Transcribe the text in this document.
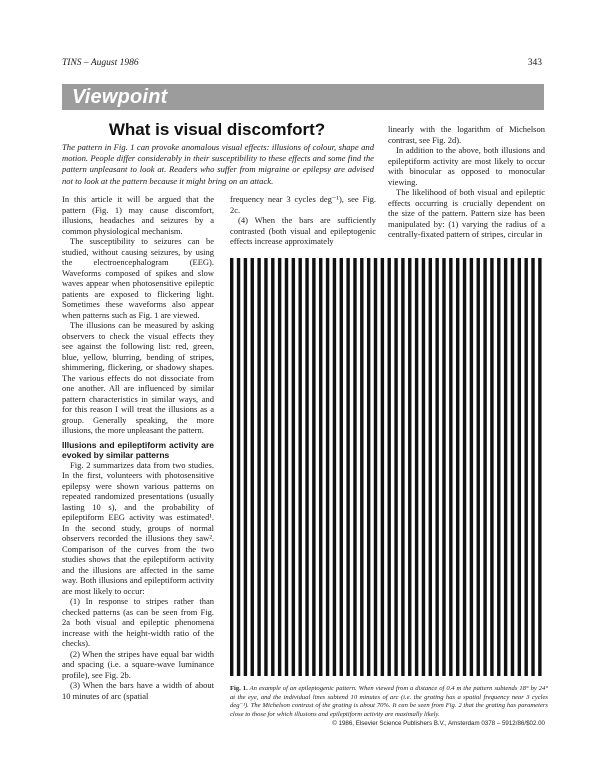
TINS – August 1986	343
Viewpoint
What is visual discomfort?
The pattern in Fig. 1 can provoke anomalous visual effects: illusions of colour, shape and motion. People differ considerably in their susceptibility to these effects and some find the pattern unpleasant to look at. Readers who suffer from migraine or epilepsy are advised not to look at the pattern because it might bring on an attack.

In this article it will be argued that the pattern (Fig. 1) may cause discomfort, illusions, headaches and seizures by a common physiological mechanism.

The susceptibility to seizures can be studied, without causing seizures, by using the electroencephalogram (EEG). Waveforms composed of spikes and slow waves appear when photosensitive epileptic patients are exposed to flickering light. Sometimes these waveforms also appear when patterns such as Fig. 1 are viewed.

The illusions can be measured by asking observers to check the visual effects they see against the following list: red, green, blue, yellow, blurring, bending of stripes, shimmering, flickering, or shadowy shapes. The various effects do not dissociate from one another. All are influenced by similar pattern characteristics in similar ways, and for this reason I will treat the illusions as a group. Generally speaking, the more illusions, the more unpleasant the pattern.

Illusions and epileptiform activity are evoked by similar patterns

Fig. 2 summarizes data from two studies. In the first, volunteers with photosensitive epilepsy were shown various patterns on repeated randomized presentations (usually lasting 10 s), and the probability of epileptiform EEG activity was estimated¹. In the second study, groups of normal observers recorded the illusions they saw². Comparison of the curves from the two studies shows that the epileptiform activity and the illusions are affected in the same way. Both illusions and epileptiform activity are most likely to occur:

(1) In response to stripes rather than checked patterns (as can be seen from Fig. 2a both visual and epileptic phenomena increase with the height-width ratio of the checks).

(2) When the stripes have equal bar width and spacing (i.e. a square-wave luminance profile), see Fig. 2b.

(3) When the bars have a width of about 10 minutes of arc (spatial

frequency near 3 cycles deg⁻¹), see Fig. 2c.

(4) When the bars are sufficiently contrasted (both visual and epileptogenic effects increase approximately

linearly with the logarithm of Michelson contrast, see Fig. 2d).

In addition to the above, both illusions and epileptiform activity are most likely to occur with binocular as opposed to monocular viewing.

The likelihood of both visual and epileptic effects occurring is crucially dependent on the size of the pattern. Pattern size has been manipulated by: (1) varying the radius of a centrally-fixated pattern of stripes, circular in

Fig. 1. An example of an epileptogenic pattern. When viewed from a distance of 0.4 m the pattern subtends 18° by 24° at the eye, and the individual lines subtend 10 minutes of arc (i.e. the grating has a spatial frequency near 3 cycles deg⁻¹). The Michelson contrast of the grating is about 70%. It can be seen from Fig. 2 that the grating has parameters close to those for which illusions and epileptiform activity are maximally likely.
© 1986, Elsevier Science Publishers B.V., Amsterdam 0378 – 5912/86/$02.00
